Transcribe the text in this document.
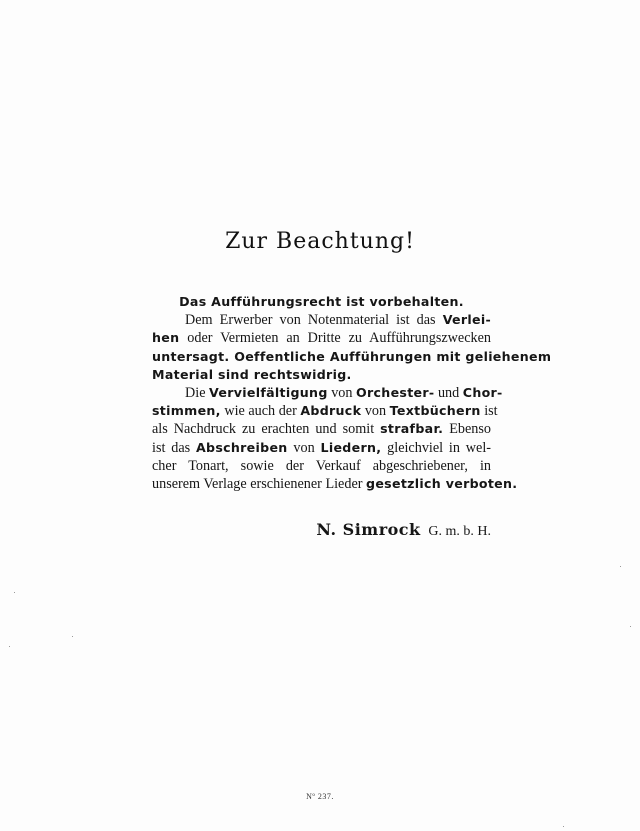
Zur Beachtung!
Das Aufführungsrecht ist vorbehalten.
Dem Erwerber von Notenmaterial ist das Verlei-
hen oder Vermieten an Dritte zu Aufführungszwecken
untersagt. Oeffentliche Aufführungen mit geliehenem
Material sind rechtswidrig.
Die Vervielfältigung von Orchester- und Chor-
stimmen, wie auch der Abdruck von Textbüchern ist
als Nachdruck zu erachten und somit strafbar. Ebenso
ist das Abschreiben von Liedern, gleichviel in wel-
cher Tonart, sowie der Verkauf abgeschriebener, in
unserem Verlage erschienener Lieder gesetzlich verboten.
N. Simrock G. m. b. H.
Nº 237.
